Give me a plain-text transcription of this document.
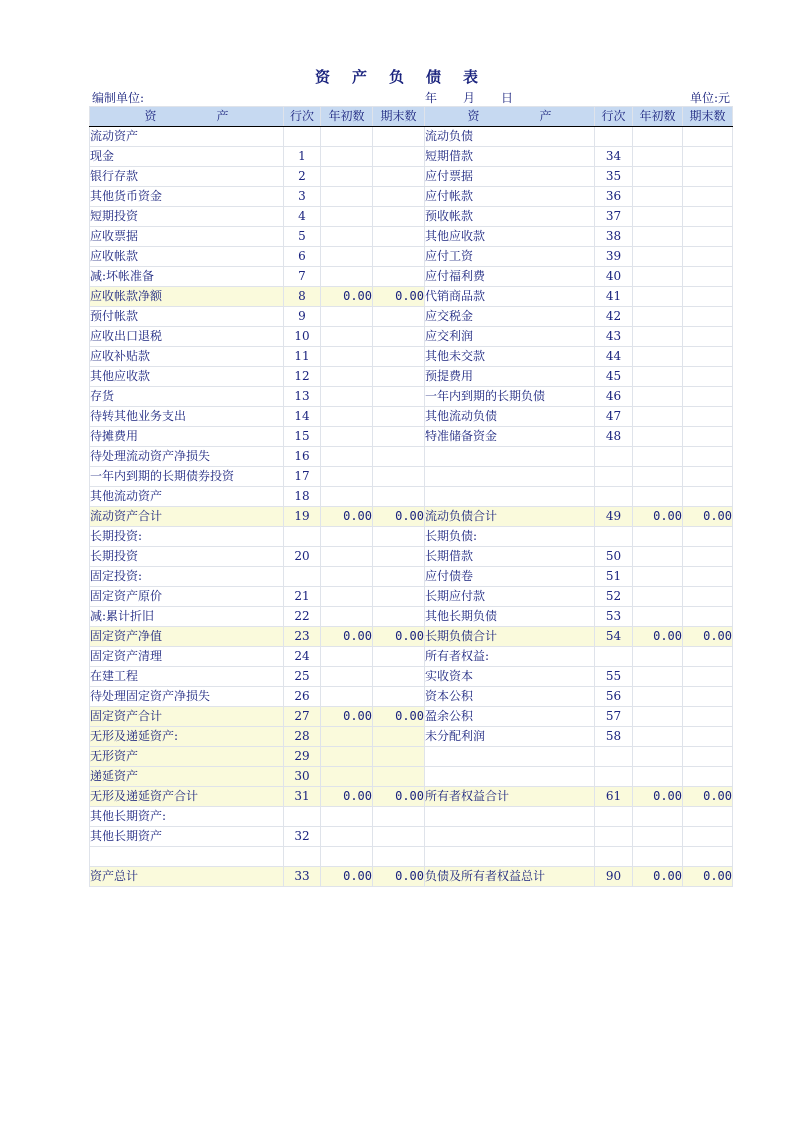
资 产 负 债 表
编制单位:	年 月 日	单位:元
资 产	行次	年初数	期末数	资 产	行次	年初数	期末数
流动资产				流动负债			
现金	1			短期借款	34		
银行存款	2			应付票据	35		
其他货币资金	3			应付帐款	36		
短期投资	4			预收帐款	37		
应收票据	5			其他应收款	38		
应收帐款	6			应付工资	39		
减:坏帐准备	7			应付福利费	40		
应收帐款净额	8	0.00	0.00	代销商品款	41		
预付帐款	9			应交税金	42		
应收出口退税	10			应交利润	43		
应收补贴款	11			其他未交款	44		
其他应收款	12			预提费用	45		
存货	13			一年内到期的长期负债	46		
待转其他业务支出	14			其他流动负债	47		
待摊费用	15			特准储备资金	48		
待处理流动资产净损失	16						
一年内到期的长期债券投资	17						
其他流动资产	18						
流动资产合计	19	0.00	0.00	流动负债合计	49	0.00	0.00
长期投资:				长期负债:			
长期投资	20			长期借款	50		
固定投资:				应付债卷	51		
固定资产原价	21			长期应付款	52		
减:累计折旧	22			其他长期负债	53		
固定资产净值	23	0.00	0.00	长期负债合计	54	0.00	0.00
固定资产清理	24			所有者权益:			
在建工程	25			实收资本	55		
待处理固定资产净损失	26			资本公积	56		
固定资产合计	27	0.00	0.00	盈余公积	57		
无形及递延资产:	28			未分配利润	58		
无形资产	29						
递延资产	30						
无形及递延资产合计	31	0.00	0.00	所有者权益合计	61	0.00	0.00
其他长期资产:							
其他长期资产	32						

资产总计	33	0.00	0.00	负债及所有者权益总计	90	0.00	0.00
